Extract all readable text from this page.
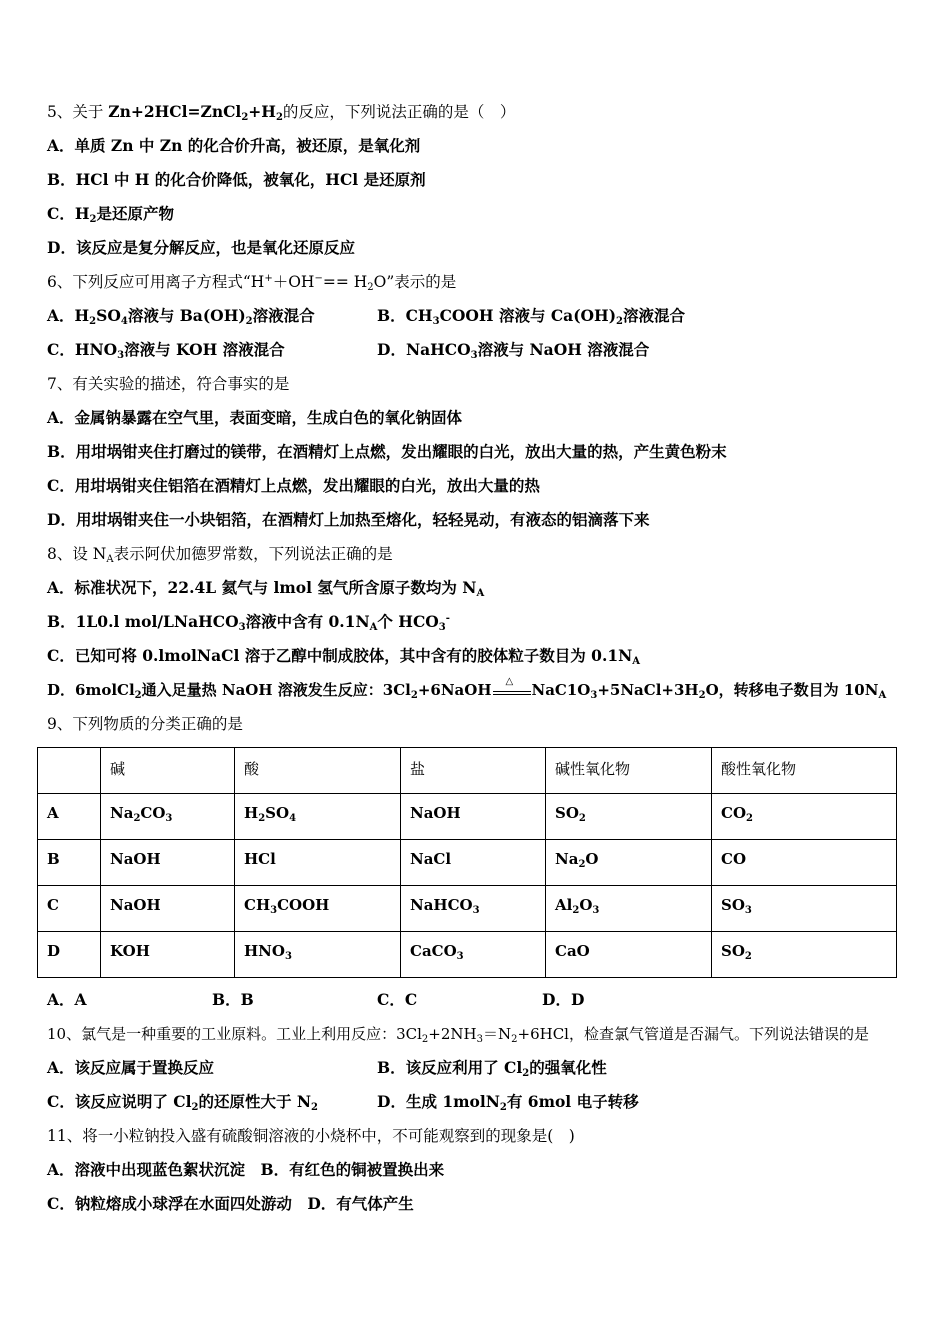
5、关于 $Zn+2HCl=ZnCl_2+H_2$的反应，下列说法正确的是（　）
A．单质 Zn 中 Zn 的化合价升高，被还原，是氧化剂
B．HCl 中 H 的化合价降低，被氧化，HCl 是还原剂
C．$H_2$是还原产物
D．该反应是复分解反应，也是氧化还原反应
6、下列反应可用离子方程式“$H^++OH^-== H_2O$”表示的是
A．$H_2SO_4$溶液与 $Ba(OH)_2$溶液混合	B．$CH_3COOH$ 溶液与 $Ca(OH)_2$溶液混合
C．$HNO_3$溶液与 KOH 溶液混合	D．NaHCO$_3$溶液与 NaOH 溶液混合
7、有关实验的描述，符合事实的是
A．金属钠暴露在空气里，表面变暗，生成白色的氧化钠固体
B．用坩埚钳夹住打磨过的镁带，在酒精灯上点燃，发出耀眼的白光，放出大量的热，产生黄色粉末
C．用坩埚钳夹住铝箔在酒精灯上点燃，发出耀眼的白光，放出大量的热
D．用坩埚钳夹住一小块铝箔，在酒精灯上加热至熔化，轻轻晃动，有液态的铝滴落下来
8、设 $N_A$表示阿伏加德罗常数，下列说法正确的是
A．标准状况下，22.4L 氦气与 lmol 氢气所含原子数均为 $N_A$
B．1L0.l mol/LNaHCO$_3$溶液中含有 $0.1N_A$个 $HCO_3^-$
C．已知可将 0.lmolNaCl 溶于乙醇中制成胶体，其中含有的胶体粒子数目为 $0.1N_A$
D．6molCl$_2$通入足量热 NaOH 溶液发生反应：$3Cl_2+6NaOH$ △ $NaC1O_3+5NaCl+3H_2O$，转移电子数目为 $10N_A$
9、下列物质的分类正确的是
	碱	酸	盐	碱性氧化物	酸性氧化物
A	$Na_2CO_3$	$H_2SO_4$	NaOH	$SO_2$	$CO_2$
B	NaOH	HCl	NaCl	$Na_2O$	CO
C	NaOH	$CH_3COOH$	NaHCO$_3$	$Al_2O_3$	$SO_3$
D	KOH	$HNO_3$	CaCO$_3$	CaO	$SO_2$
A．A	B．B	C．C	D．D
10、氯气是一种重要的工业原料。工业上利用反应：$3Cl_2+2NH_3=N_2+6HCl$，检查氯气管道是否漏气。下列说法错误的是
A．该反应属于置换反应	B．该反应利用了 $Cl_2$的强氧化性
C．该反应说明了 $Cl_2$的还原性大于 $N_2$	D．生成 1molN$_2$有 6mol 电子转移
11、将一小粒钠投入盛有硫酸铜溶液的小烧杯中，不可能观察到的现象是(　)
A．溶液中出现蓝色絮状沉淀　B．有红色的铜被置换出来
C．钠粒熔成小球浮在水面四处游动　D．有气体产生
